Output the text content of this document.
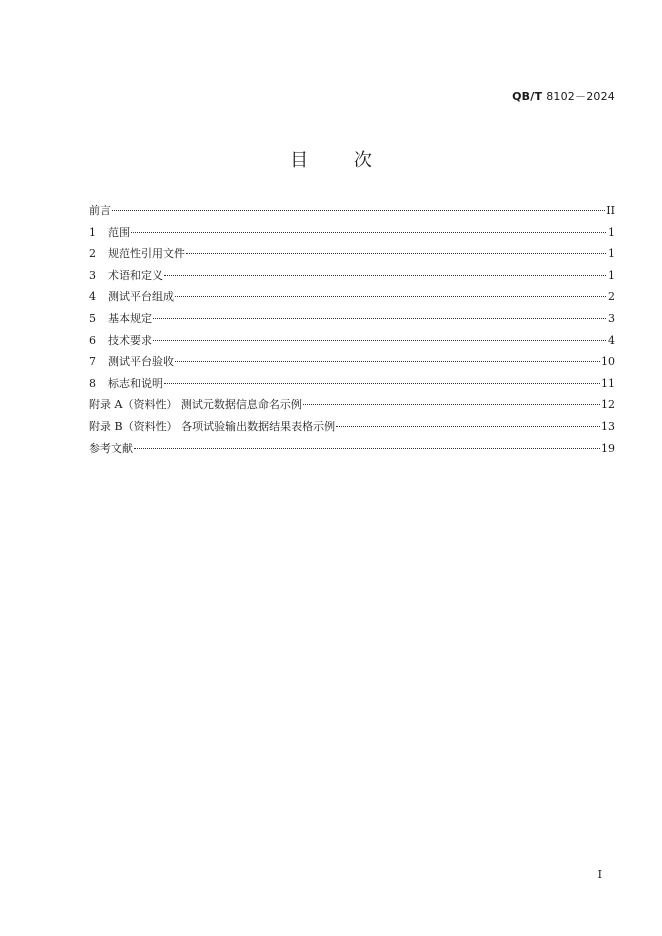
QB/T 8102－2024
目 次
前言	II
1	范围	1
2	规范性引用文件	1
3	术语和定义	1
4	测试平台组成	2
5	基本规定	3
6	技术要求	4
7	测试平台验收	10
8	标志和说明	11
附录 A（资料性） 测试元数据信息命名示例	12
附录 B（资料性） 各项试验输出数据结果表格示例	13
参考文献	19
I
